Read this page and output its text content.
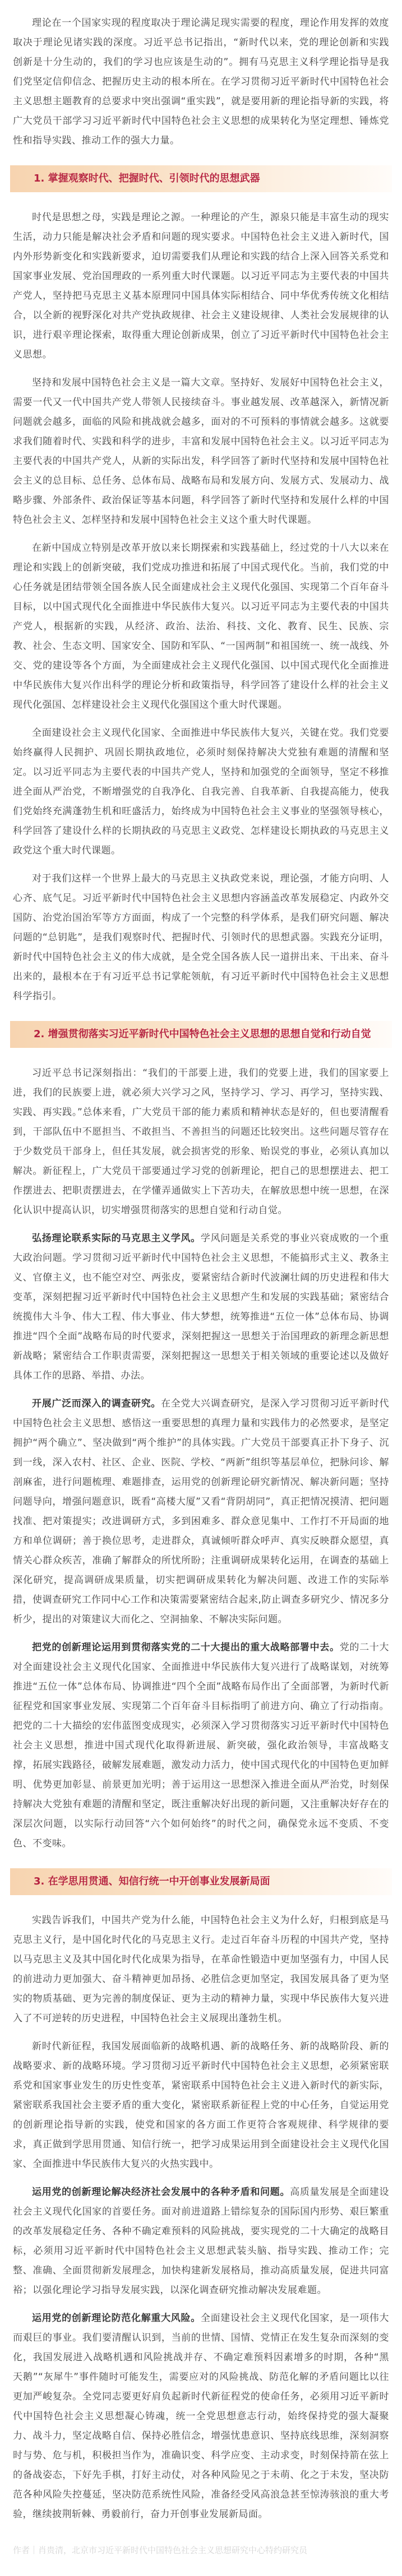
理论在一个国家实现的程度取决于理论满足现实需要的程度，理论作用发挥的效度取决于理论见诸实践的深度。习近平总书记指出，“新时代以来，党的理论创新和实践创新是十分生动的，我们的学习也应该是生动的”。拥有马克思主义科学理论指导是我们党坚定信仰信念、把握历史主动的根本所在。在学习贯彻习近平新时代中国特色社会主义思想主题教育的总要求中突出强调“重实践”，就是要用新的理论指导新的实践，将广大党员干部学习习近平新时代中国特色社会主义思想的成果转化为坚定理想、锤炼党性和指导实践、推动工作的强大力量。

1. 掌握观察时代、把握时代、引领时代的思想武器

时代是思想之母，实践是理论之源。一种理论的产生，源泉只能是丰富生动的现实生活，动力只能是解决社会矛盾和问题的现实要求。中国特色社会主义进入新时代，国内外形势新变化和实践新要求，迫切需要我们从理论和实践的结合上深入回答关系党和国家事业发展、党治国理政的一系列重大时代课题。以习近平同志为主要代表的中国共产党人，坚持把马克思主义基本原理同中国具体实际相结合、同中华优秀传统文化相结合，以全新的视野深化对共产党执政规律、社会主义建设规律、人类社会发展规律的认识，进行艰辛理论探索，取得重大理论创新成果，创立了习近平新时代中国特色社会主义思想。

坚持和发展中国特色社会主义是一篇大文章。坚持好、发展好中国特色社会主义，需要一代又一代中国共产党人带领人民接续奋斗。事业越发展、改革越深入，新情况新问题就会越多，面临的风险和挑战就会越多，面对的不可预料的事情就会越多。这就要求我们随着时代、实践和科学的进步，丰富和发展中国特色社会主义。以习近平同志为主要代表的中国共产党人，从新的实际出发，科学回答了新时代坚持和发展中国特色社会主义的总目标、总任务、总体布局、战略布局和发展方向、发展方式、发展动力、战略步骤、外部条件、政治保证等基本问题，科学回答了新时代坚持和发展什么样的中国特色社会主义、怎样坚持和发展中国特色社会主义这个重大时代课题。

在新中国成立特别是改革开放以来长期探索和实践基础上，经过党的十八大以来在理论和实践上的创新突破，我们党成功推进和拓展了中国式现代化。当前，我们党的中心任务就是团结带领全国各族人民全面建成社会主义现代化强国、实现第二个百年奋斗目标，以中国式现代化全面推进中华民族伟大复兴。以习近平同志为主要代表的中国共产党人，根据新的实践，从经济、政治、法治、科技、文化、教育、民生、民族、宗教、社会、生态文明、国家安全、国防和军队、“一国两制”和祖国统一、统一战线、外交、党的建设等各个方面，为全面建成社会主义现代化强国、以中国式现代化全面推进中华民族伟大复兴作出科学的理论分析和政策指导，科学回答了建设什么样的社会主义现代化强国、怎样建设社会主义现代化强国这个重大时代课题。

全面建设社会主义现代化国家、全面推进中华民族伟大复兴，关键在党。我们党要始终赢得人民拥护、巩固长期执政地位，必须时刻保持解决大党独有难题的清醒和坚定。以习近平同志为主要代表的中国共产党人，坚持和加强党的全面领导，坚定不移推进全面从严治党，不断增强党的自我净化、自我完善、自我革新、自我提高能力，使我们党始终充满蓬勃生机和旺盛活力，始终成为中国特色社会主义事业的坚强领导核心，科学回答了建设什么样的长期执政的马克思主义政党、怎样建设长期执政的马克思主义政党这个重大时代课题。

对于我们这样一个世界上最大的马克思主义执政党来说，理论强，才能方向明、人心齐、底气足。习近平新时代中国特色社会主义思想内容涵盖改革发展稳定、内政外交国防、治党治国治军等方方面面，构成了一个完整的科学体系，是我们研究问题、解决问题的“总钥匙”，是我们观察时代、把握时代、引领时代的思想武器。实践充分证明，新时代中国特色社会主义的伟大成就，是全党全国各族人民一道拼出来、干出来、奋斗出来的，最根本在于有习近平总书记掌舵领航，有习近平新时代中国特色社会主义思想科学指引。

2. 增强贯彻落实习近平新时代中国特色社会主义思想的思想自觉和行动自觉

习近平总书记深刻指出：“我们的干部要上进，我们的党要上进，我们的国家要上进，我们的民族要上进，就必须大兴学习之风，坚持学习、学习、再学习，坚持实践、实践、再实践。”总体来看，广大党员干部的能力素质和精神状态是好的，但也要清醒看到，干部队伍中不愿担当、不敢担当、不善担当的问题还比较突出。这些问题尽管存在于少数党员干部身上，但任其发展，就会损害党的形象、贻误党的事业，必须认真加以解决。新征程上，广大党员干部要通过学习党的创新理论，把自己的思想摆进去、把工作摆进去、把职责摆进去，在学懂弄通做实上下苦功夫，在解放思想中统一思想，在深化认识中提高认识，切实增强贯彻落实的思想自觉和行动自觉。

弘扬理论联系实际的马克思主义学风。学风问题是关系党的事业兴衰成败的一个重大政治问题。学习贯彻习近平新时代中国特色社会主义思想，不能搞形式主义、教条主义、官僚主义，也不能空对空、两张皮，要紧密结合新时代波澜壮阔的历史进程和伟大变革，深刻把握习近平新时代中国特色社会主义思想产生和发展的实践基础；紧密结合统揽伟大斗争、伟大工程、伟大事业、伟大梦想，统筹推进“五位一体”总体布局、协调推进“四个全面”战略布局的时代要求，深刻把握这一思想关于治国理政的新理念新思想新战略；紧密结合工作职责需要，深刻把握这一思想关于相关领域的重要论述以及做好具体工作的思路、举措、办法。

开展广泛而深入的调查研究。在全党大兴调查研究，是深入学习贯彻习近平新时代中国特色社会主义思想、感悟这一重要思想的真理力量和实践伟力的必然要求，是坚定拥护“两个确立”、坚决做到“两个维护”的具体实践。广大党员干部要真正扑下身子、沉到一线，深入农村、社区、企业、医院、学校、“两新”组织等基层单位，把脉问诊、解剖麻雀，进行问题梳理、难题排查，运用党的创新理论研究新情况、解决新问题；坚持问题导向，增强问题意识，既看“高楼大厦”又看“背阴胡同”，真正把情况摸清、把问题找准、把对策提实；改进调研方式，多到困难多、群众意见集中、工作打不开局面的地方和单位调研；善于换位思考，走进群众，真诚倾听群众呼声、真实反映群众愿望，真情关心群众疾苦，准确了解群众的所忧所盼；注重调研成果转化运用，在调查的基础上深化研究，提高调研成果质量，切实把调研成果转化为解决问题、改进工作的实际举措，使调查研究工作同中心工作和决策需要紧密结合起来,防止调查多研究少、情况多分析少，提出的对策建议大而化之、空洞抽象、不解决实际问题。

把党的创新理论运用到贯彻落实党的二十大提出的重大战略部署中去。党的二十大对全面建设社会主义现代化国家、全面推进中华民族伟大复兴进行了战略谋划，对统筹推进“五位一体”总体布局、协调推进“四个全面”战略布局作出了全面部署，为新时代新征程党和国家事业发展、实现第二个百年奋斗目标指明了前进方向、确立了行动指南。把党的二十大描绘的宏伟蓝图变成现实，必须深入学习贯彻落实习近平新时代中国特色社会主义思想，推进中国式现代化取得新进展、新突破，强化政治领导，丰富战略支撑，拓展实践路径，破解发展难题，激发动力活力，使中国式现代化的中国特色更加鲜明、优势更加彰显、前景更加光明；善于运用这一思想深入推进全面从严治党，时刻保持解决大党独有难题的清醒和坚定，既注重解决好出现的新问题，又注重解决好存在的深层次问题，以实际行动回答“六个如何始终”的时代之问，确保党永远不变质、不变色、不变味。

3. 在学思用贯通、知信行统一中开创事业发展新局面

实践告诉我们，中国共产党为什么能，中国特色社会主义为什么好，归根到底是马克思主义行，是中国化时代化的马克思主义行。走过百年奋斗历程的中国共产党，坚持以马克思主义及其中国化时代化成果为指导，在革命性锻造中更加坚强有力，中国人民的前进动力更加强大、奋斗精神更加昂扬、必胜信念更加坚定，我国发展具备了更为坚实的物质基础、更为完善的制度保证、更为主动的精神力量，实现中华民族伟大复兴进入了不可逆转的历史进程，中国特色社会主义展现出蓬勃生机。

新时代新征程，我国发展面临新的战略机遇、新的战略任务、新的战略阶段、新的战略要求、新的战略环境。学习贯彻习近平新时代中国特色社会主义思想，必须紧密联系党和国家事业发生的历史性变革，紧密联系中国特色社会主义进入新时代的新实际，紧密联系我国社会主要矛盾的重大变化，紧密联系新征程上党的中心任务，自觉运用党的创新理论指导新的实践，使党和国家的各方面工作更符合客观规律、科学规律的要求，真正做到学思用贯通、知信行统一，把学习成果运用到全面建设社会主义现代化国家、全面推进中华民族伟大复兴的火热实践中。

运用党的创新理论解决经济社会发展中的各种矛盾和问题。高质量发展是全面建设社会主义现代化国家的首要任务。面对前进道路上错综复杂的国际国内形势、艰巨繁重的改革发展稳定任务、各种不确定难预料的风险挑战，要实现党的二十大确定的战略目标，必须用习近平新时代中国特色社会主义思想武装头脑、指导实践、推动工作；完整、准确、全面贯彻新发展理念，加快构建新发展格局，推动高质量发展，促进共同富裕；以强化理论学习指导发展实践，以深化调查研究推动解决发展难题。

运用党的创新理论防范化解重大风险。全面建设社会主义现代化国家，是一项伟大而艰巨的事业。我们要清醒认识到，当前的世情、国情、党情正在发生复杂而深刻的变化，我国发展进入战略机遇和风险挑战并存、不确定难预料因素增多的时期，各种“黑天鹅”“灰犀牛”事件随时可能发生，需要应对的风险挑战、防范化解的矛盾问题比以往更加严峻复杂。全党同志要更好肩负起新时代新征程党的使命任务，必须用习近平新时代中国特色社会主义思想凝心铸魂，统一全党思想意志行动，始终保持党的强大凝聚力、战斗力，坚定战略自信、保持必胜信念，增强忧患意识、坚持底线思维，深刻洞察时与势、危与机，积极担当作为，准确识变、科学应变、主动求变，时刻保持箭在弦上的备战姿态，下好先手棋，打好主动仗，对各种风险见之于未萌、化之于未发，坚决防范各种风险失控蔓延，坚决防范系统性风险，准备经受风高浪急甚至惊涛骇浪的重大考验，继续披荆斩棘、勇毅前行，奋力开创事业发展新局面。

作者｜肖贵清，北京市习近平新时代中国特色社会主义思想研究中心特约研究员
